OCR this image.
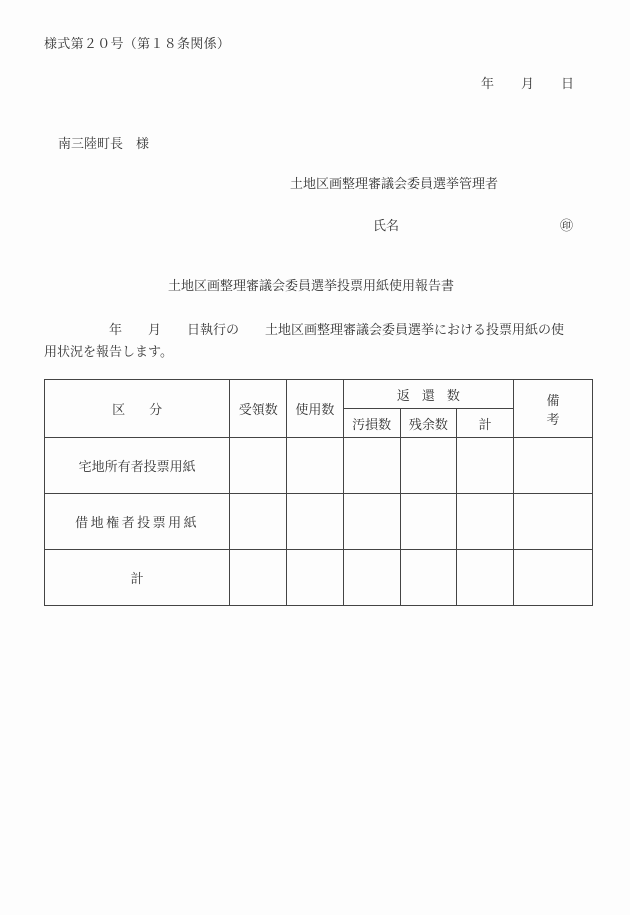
様式第２０号（第１８条関係）
年 月 日
南三陸町長　様
土地区画整理審議会委員選挙管理者
氏名	㊞
土地区画整理審議会委員選挙投票用紙使用報告書
　　　　　年　　月　　日執行の　　土地区画整理審議会委員選挙における投票用紙の使
用状況を報告します。
区分	受領数	使用数	返還数			備考
			汚損数	残余数	計	
宅地所有者投票用紙						
借地権者投票用紙						
計						
